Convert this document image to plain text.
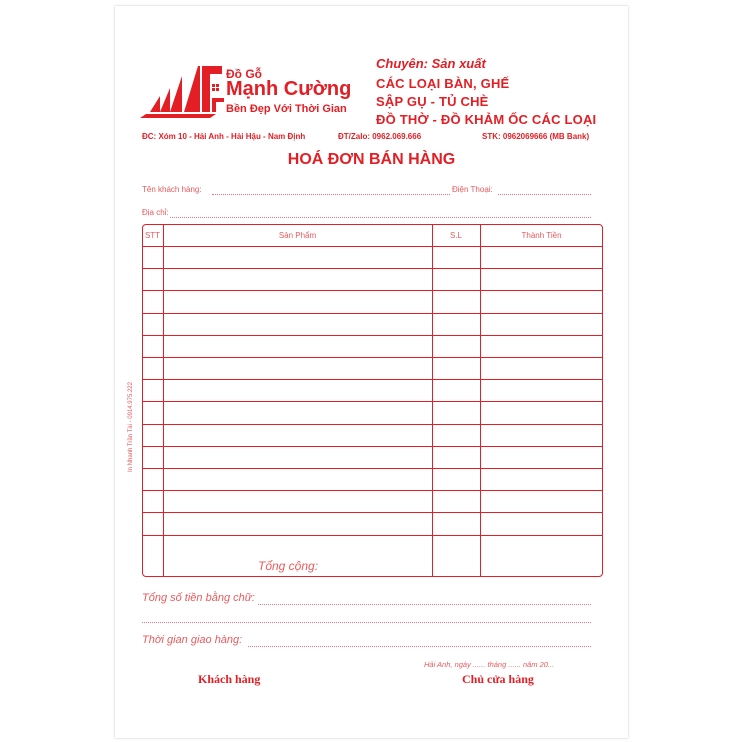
Đồ Gỗ
Mạnh Cường
Bền Đẹp Với Thời Gian
Chuyên: Sản xuất
CÁC LOẠI BÀN, GHẾ
SẬP GỤ - TỦ CHÈ
ĐỒ THỜ - ĐỒ KHẢM ỐC CÁC LOẠI
ĐC: Xóm 10 - Hải Anh - Hải Hậu - Nam Định	ĐT/Zalo: 0962.069.666	STK: 0962069666 (MB Bank)
HOÁ ĐƠN BÁN HÀNG
Tên khách hàng:	Điện Thoại:
Địa chỉ:
STT	Sản Phẩm	S.L	Thành Tiền
Tổng cộng:
Tổng số tiền bằng chữ:
Thời gian giao hàng:
Hải Anh, ngày ...... tháng ...... năm 20...
Khách hàng	Chủ cửa hàng
In Nhanh Trần Tài - 0914.975.222
